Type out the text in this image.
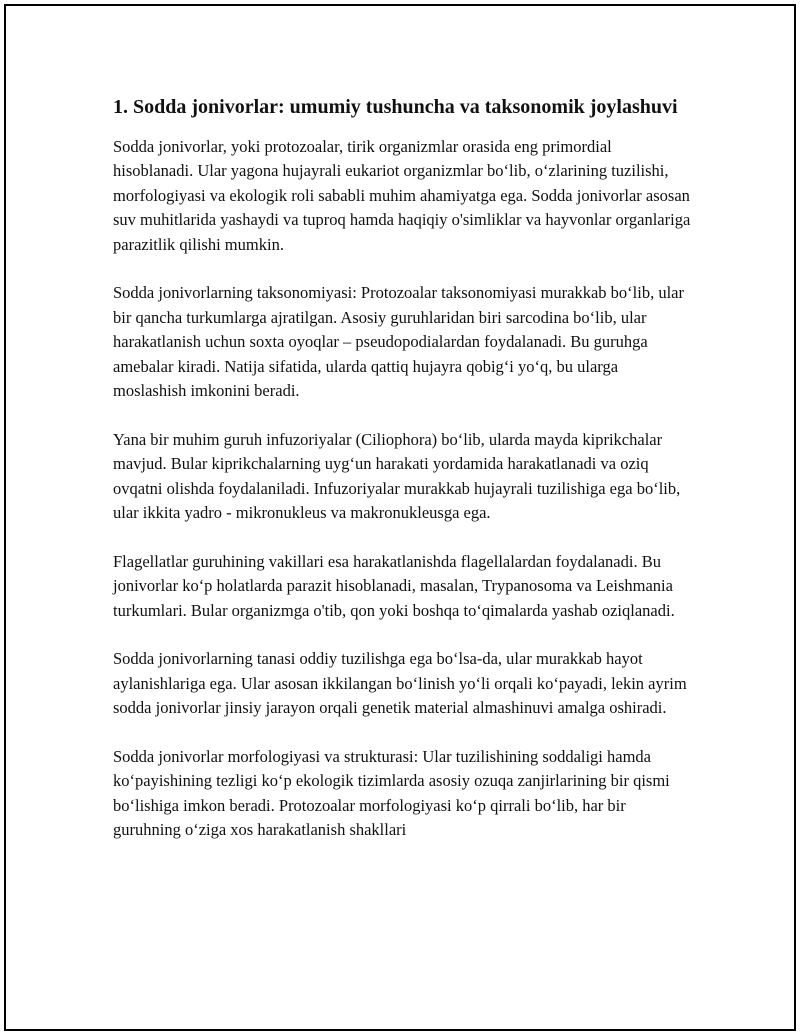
1. Sodda jonivorlar: umumiy tushuncha va taksonomik joylashuvi

Sodda jonivorlar, yoki protozoalar, tirik organizmlar orasida eng primordial hisoblanadi. Ular yagona hujayrali eukariot organizmlar bo‘lib, o‘zlarining tuzilishi, morfologiyasi va ekologik roli sababli muhim ahamiyatga ega. Sodda jonivorlar asosan suv muhitlarida yashaydi va tuproq hamda haqiqiy o'simliklar va hayvonlar organlariga parazitlik qilishi mumkin.

Sodda jonivorlarning taksonomiyasi: Protozoalar taksonomiyasi murakkab bo‘lib, ular bir qancha turkumlarga ajratilgan. Asosiy guruhlaridan biri sarcodina bo‘lib, ular harakatlanish uchun soxta oyoqlar – pseudopodialardan foydalanadi. Bu guruhga amebalar kiradi. Natija sifatida, ularda qattiq hujayra qobig‘i yo‘q, bu ularga moslashish imkonini beradi.

Yana bir muhim guruh infuzoriyalar (Ciliophora) bo‘lib, ularda mayda kiprikchalar mavjud. Bular kiprikchalarning uyg‘un harakati yordamida harakatlanadi va oziq ovqatni olishda foydalaniladi. Infuzoriyalar murakkab hujayrali tuzilishiga ega bo‘lib, ular ikkita yadro - mikronukleus va makronukleusga ega.

Flagellatlar guruhining vakillari esa harakatlanishda flagellalardan foydalanadi. Bu jonivorlar ko‘p holatlarda parazit hisoblanadi, masalan, Trypanosoma va Leishmania turkumlari. Bular organizmga o'tib, qon yoki boshqa to‘qimalarda yashab oziqlanadi.

Sodda jonivorlarning tanasi oddiy tuzilishga ega bo‘lsa-da, ular murakkab hayot aylanishlariga ega. Ular asosan ikkilangan bo‘linish yo‘li orqali ko‘payadi, lekin ayrim sodda jonivorlar jinsiy jarayon orqali genetik material almashinuvi amalga oshiradi.

Sodda jonivorlar morfologiyasi va strukturasi: Ular tuzilishining soddaligi hamda ko‘payishining tezligi ko‘p ekologik tizimlarda asosiy ozuqa zanjirlarining bir qismi bo‘lishiga imkon beradi. Protozoalar morfologiyasi ko‘p qirrali bo‘lib, har bir guruhning o‘ziga xos harakatlanish shakllari
